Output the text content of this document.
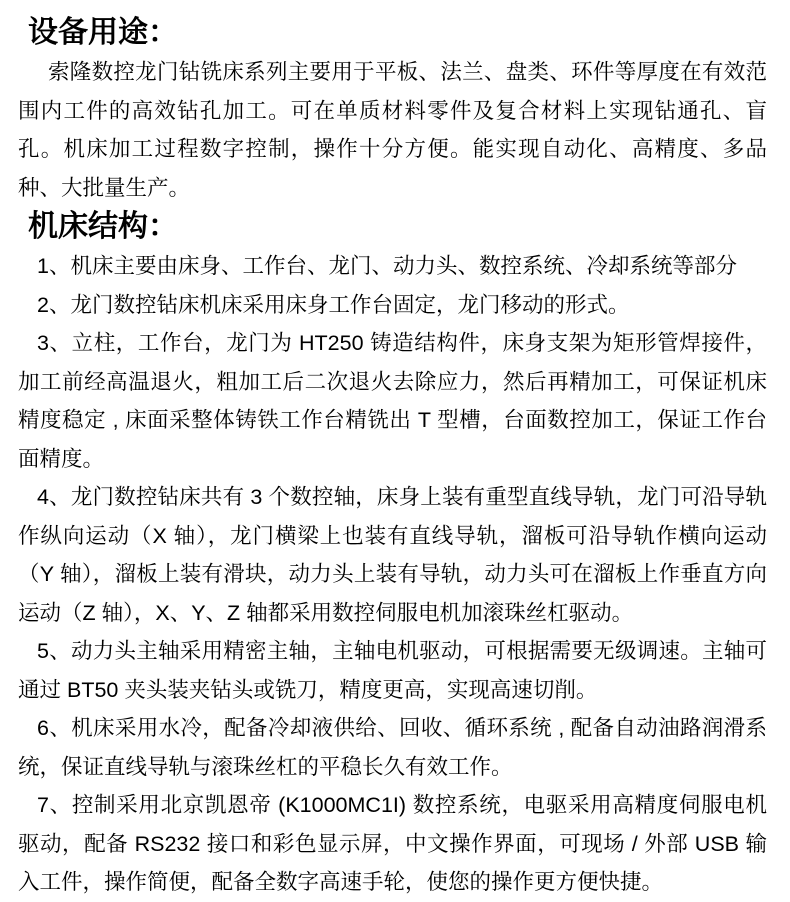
设备用途：

索隆数控龙门钻铣床系列主要用于平板、法兰、盘类、环件等厚度在有效范围内工件的高效钻孔加工。可在单质材料零件及复合材料上实现钻通孔、盲孔。机床加工过程数字控制，操作十分方便。能实现自动化、高精度、多品种、大批量生产。

机床结构：

1、机床主要由床身、工作台、龙门、动力头、数控系统、冷却系统等部分

2、龙门数控钻床机床采用床身工作台固定，龙门移动的形式。

3、立柱，工作台，龙门为 HT250 铸造结构件，床身支架为矩形管焊接件，加工前经高温退火，粗加工后二次退火去除应力，然后再精加工，可保证机床精度稳定 , 床面采整体铸铁工作台精铣出 T 型槽，台面数控加工，保证工作台面精度。

4、龙门数控钻床共有 3 个数控轴，床身上装有重型直线导轨，龙门可沿导轨作纵向运动（X 轴），龙门横梁上也装有直线导轨，溜板可沿导轨作横向运动（Y 轴），溜板上装有滑块，动力头上装有导轨，动力头可在溜板上作垂直方向运动（Z 轴），X、Y、Z 轴都采用数控伺服电机加滚珠丝杠驱动。

5、动力头主轴采用精密主轴，主轴电机驱动，可根据需要无级调速。主轴可通过 BT50 夹头装夹钻头或铣刀，精度更高，实现高速切削。

6、机床采用水冷，配备冷却液供给、回收、循环系统 , 配备自动油路润滑系统，保证直线导轨与滚珠丝杠的平稳长久有效工作。

7、控制采用北京凯恩帝 (K1000MC1I) 数控系统，电驱采用高精度伺服电机驱动，配备 RS232 接口和彩色显示屏，中文操作界面，可现场 / 外部 USB 输入工件，操作简便，配备全数字高速手轮，使您的操作更方便快捷。
